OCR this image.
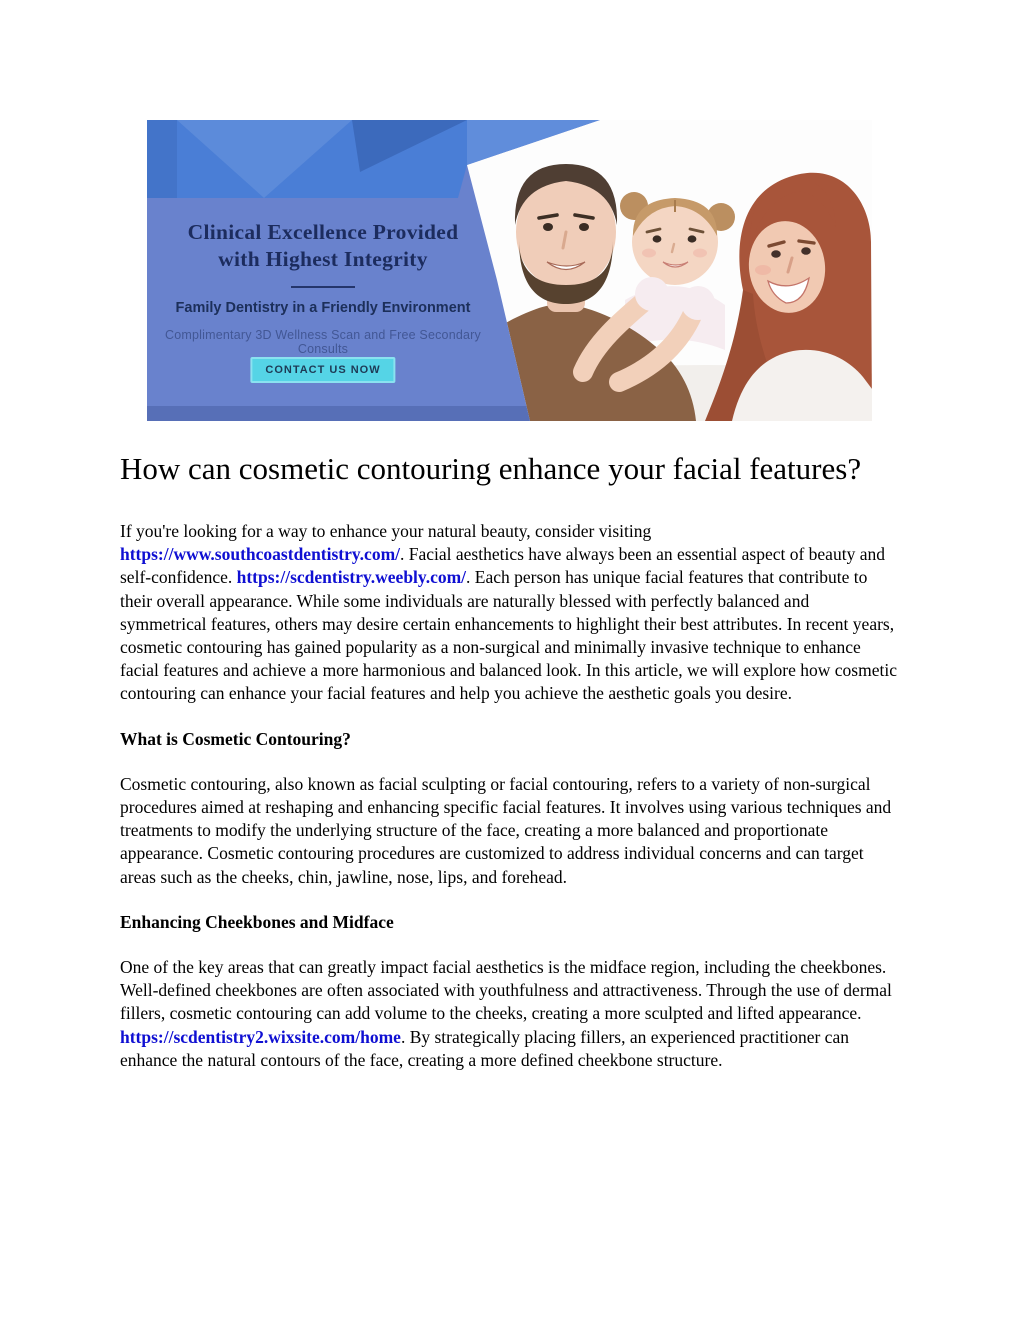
Clinical Excellence Provided
with Highest Integrity
Family Dentistry in a Friendly Environment
Complimentary 3D Wellness Scan and Free Secondary Consults
CONTACT US NOW
How can cosmetic contouring enhance your facial features?

If you're looking for a way to enhance your natural beauty, consider visiting https://www.southcoastdentistry.com/. Facial aesthetics have always been an essential aspect of beauty and self-confidence. https://scdentistry.weebly.com/. Each person has unique facial features that contribute to their overall appearance. While some individuals are naturally blessed with perfectly balanced and symmetrical features, others may desire certain enhancements to highlight their best attributes. In recent years, cosmetic contouring has gained popularity as a non-surgical and minimally invasive technique to enhance facial features and achieve a more harmonious and balanced look. In this article, we will explore how cosmetic contouring can enhance your facial features and help you achieve the aesthetic goals you desire.

What is Cosmetic Contouring?

Cosmetic contouring, also known as facial sculpting or facial contouring, refers to a variety of non-surgical procedures aimed at reshaping and enhancing specific facial features. It involves using various techniques and treatments to modify the underlying structure of the face, creating a more balanced and proportionate appearance. Cosmetic contouring procedures are customized to address individual concerns and can target areas such as the cheeks, chin, jawline, nose, lips, and forehead.

Enhancing Cheekbones and Midface

One of the key areas that can greatly impact facial aesthetics is the midface region, including the cheekbones. Well-defined cheekbones are often associated with youthfulness and attractiveness. Through the use of dermal fillers, cosmetic contouring can add volume to the cheeks, creating a more sculpted and lifted appearance. https://scdentistry2.wixsite.com/home. By strategically placing fillers, an experienced practitioner can enhance the natural contours of the face, creating a more defined cheekbone structure.
